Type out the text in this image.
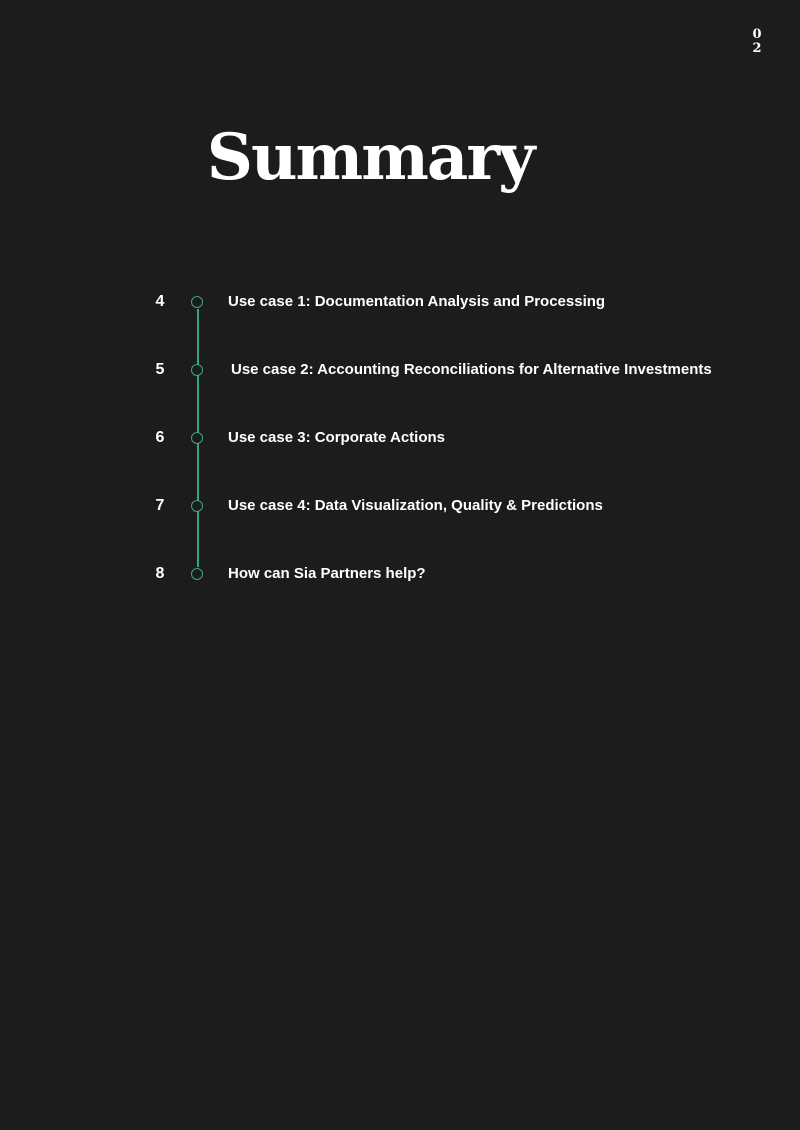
0
2
Summary
4	Use case 1: Documentation Analysis and Processing
5	Use case 2: Accounting Reconciliations for Alternative Investments
6	Use case 3: Corporate Actions
7	Use case 4: Data Visualization, Quality & Predictions
8	How can Sia Partners help?
